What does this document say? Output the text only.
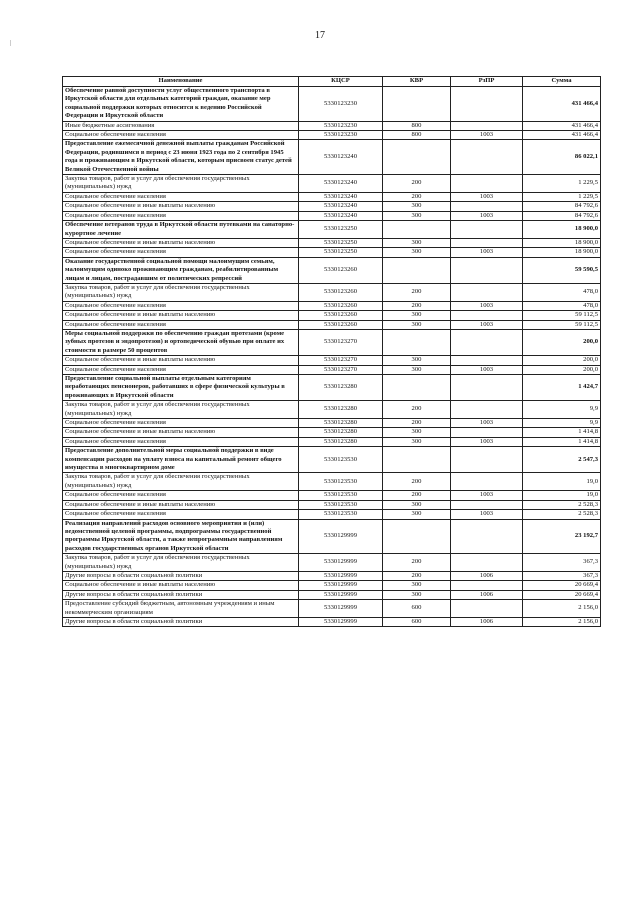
17
Наименование	КЦСР	КВР	РзПР	Сумма
Обеспечение равной доступности услуг общественного транспорта в Иркутской области для отдельных категорий граждан, оказание мер социальной поддержки которых относится к ведению Российской Федерации и Иркутской области	5330123230			431 466,4
Иные бюджетные ассигнования	5330123230	800		431 466,4
Социальное обеспечение населения	5330123230	800	1003	431 466,4
Предоставление ежемесячной денежной выплаты гражданам Российской Федерации, родившимся в период с 23 июня 1923 года по 2 сентября 1945 года и проживающим в Иркутской области, которым присвоен статус детей Великой Отечественной войны	5330123240			86 022,1
Закупка товаров, работ и услуг для обеспечения государственных (муниципальных) нужд	5330123240	200		1 229,5
Социальное обеспечение населения	5330123240	200	1003	1 229,5
Социальное обеспечение и иные выплаты населению	5330123240	300		84 792,6
Социальное обеспечение населения	5330123240	300	1003	84 792,6
Обеспечение ветеранов труда в Иркутской области путевками на санаторно-курортное лечение	5330123250			18 900,0
Социальное обеспечение и иные выплаты населению	5330123250	300		18 900,0
Социальное обеспечение населения	5330123250	300	1003	18 900,0
Оказание государственной социальной помощи малоимущим семьям, малоимущим одиноко проживающим гражданам, реабилитированным лицам и лицам, пострадавшим от политических репрессий	5330123260			59 590,5
Закупка товаров, работ и услуг для обеспечения государственных (муниципальных) нужд	5330123260	200		478,0
Социальное обеспечение населения	5330123260	200	1003	478,0
Социальное обеспечение и иные выплаты населению	5330123260	300		59 112,5
Социальное обеспечение населения	5330123260	300	1003	59 112,5
Меры социальной поддержки по обеспечению граждан протезами (кроме зубных протезов и эндопротезов) и ортопедической обувью при оплате их стоимости в размере 50 процентов	5330123270			200,0
Социальное обеспечение и иные выплаты населению	5330123270	300		200,0
Социальное обеспечение населения	5330123270	300	1003	200,0
Предоставление социальной выплаты отдельным категориям неработающих пенсионеров, работавших в сфере физической культуры в проживающих в Иркутской области	5330123280			1 424,7
Закупка товаров, работ и услуг для обеспечения государственных (муниципальных) нужд	5330123280	200		9,9
Социальное обеспечение населения	5330123280	200	1003	9,9
Социальное обеспечение и иные выплаты населению	5330123280	300		1 414,8
Социальное обеспечение населения	5330123280	300	1003	1 414,8
Предоставление дополнительной меры социальной поддержки в виде компенсации расходов на уплату взноса на капитальный ремонт общего имущества в многоквартирном доме	5330123530			2 547,3
Закупка товаров, работ и услуг для обеспечения государственных (муниципальных) нужд	5330123530	200		19,0
Социальное обеспечение населения	5330123530	200	1003	19,0
Социальное обеспечение и иные выплаты населению	5330123530	300		2 528,3
Социальное обеспечение населения	5330123530	300	1003	2 528,3
Реализация направлений расходов основного мероприятия и (или) ведомственной целевой программы, подпрограммы государственной программы Иркутской области, а также непрограммным направлениям расходов государственных органов Иркутской области	5330129999			23 192,7
Закупка товаров, работ и услуг для обеспечения государственных (муниципальных) нужд	5330129999	200		367,3
Другие вопросы в области социальной политики	5330129999	200	1006	367,3
Социальное обеспечение и иные выплаты населению	5330129999	300		20 669,4
Другие вопросы в области социальной политики	5330129999	300	1006	20 669,4
Предоставление субсидий бюджетным, автономным учреждениям и иным некоммерческим организациям	5330129999	600		2 156,0
Другие вопросы в области социальной политики	5330129999	600	1006	2 156,0
